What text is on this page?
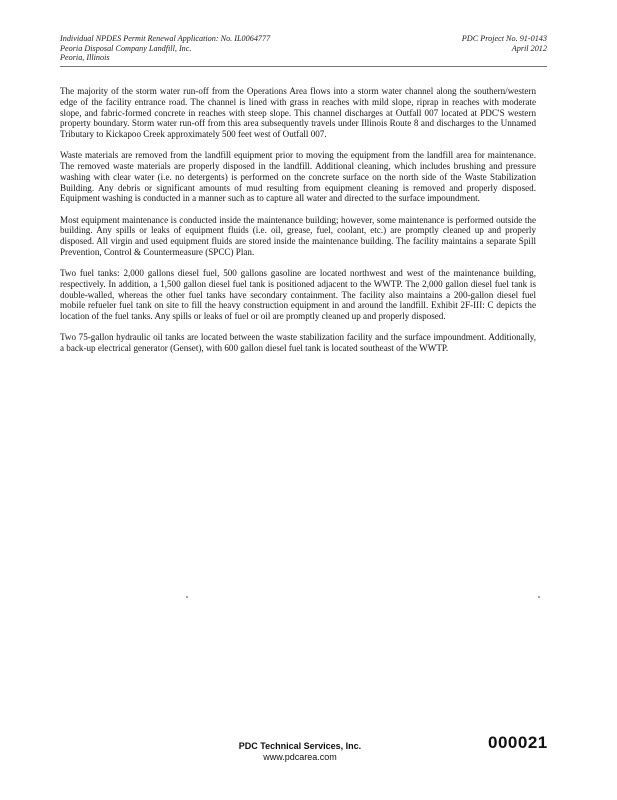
Individual NPDES Permit Renewal Application: No. IL0064777
Peoria Disposal Company Landfill, Inc.
Peoria, Illinois
PDC Project No. 91-0143
April 2012

The majority of the storm water run-off from the Operations Area flows into a storm water channel along the southern/western edge of the facility entrance road. The channel is lined with grass in reaches with mild slope, riprap in reaches with moderate slope, and fabric-formed concrete in reaches with steep slope. This channel discharges at Outfall 007 located at PDC'S western property boundary. Storm water run-off from this area subsequently travels under Illinois Route 8 and discharges to the Unnamed Tributary to Kickapoo Creek approximately 500 feet west of Outfall 007.

Waste materials are removed from the landfill equipment prior to moving the equipment from the landfill area for maintenance. The removed waste materials are properly disposed in the landfill. Additional cleaning, which includes brushing and pressure washing with clear water (i.e. no detergents) is performed on the concrete surface on the north side of the Waste Stabilization Building. Any debris or significant amounts of mud resulting from equipment cleaning is removed and properly disposed. Equipment washing is conducted in a manner such as to capture all water and directed to the surface impoundment.

Most equipment maintenance is conducted inside the maintenance building; however, some maintenance is performed outside the building. Any spills or leaks of equipment fluids (i.e. oil, grease, fuel, coolant, etc.) are promptly cleaned up and properly disposed. All virgin and used equipment fluids are stored inside the maintenance building. The facility maintains a separate Spill Prevention, Control & Countermeasure (SPCC) Plan.

Two fuel tanks: 2,000 gallons diesel fuel, 500 gallons gasoline are located northwest and west of the maintenance building, respectively. In addition, a 1,500 gallon diesel fuel tank is positioned adjacent to the WWTP. The 2,000 gallon diesel fuel tank is double-walled, whereas the other fuel tanks have secondary containment. The facility also maintains a 200-gallon diesel fuel mobile refueler fuel tank on site to fill the heavy construction equipment in and around the landfill. Exhibit 2F-III: C depicts the location of the fuel tanks. Any spills or leaks of fuel or oil are promptly cleaned up and properly disposed.

Two 75-gallon hydraulic oil tanks are located between the waste stabilization facility and the surface impoundment. Additionally, a back-up electrical generator (Genset), with 600 gallon diesel fuel tank is located southeast of the WWTP.

PDC Technical Services, Inc.
www.pdcarea.com
000021
